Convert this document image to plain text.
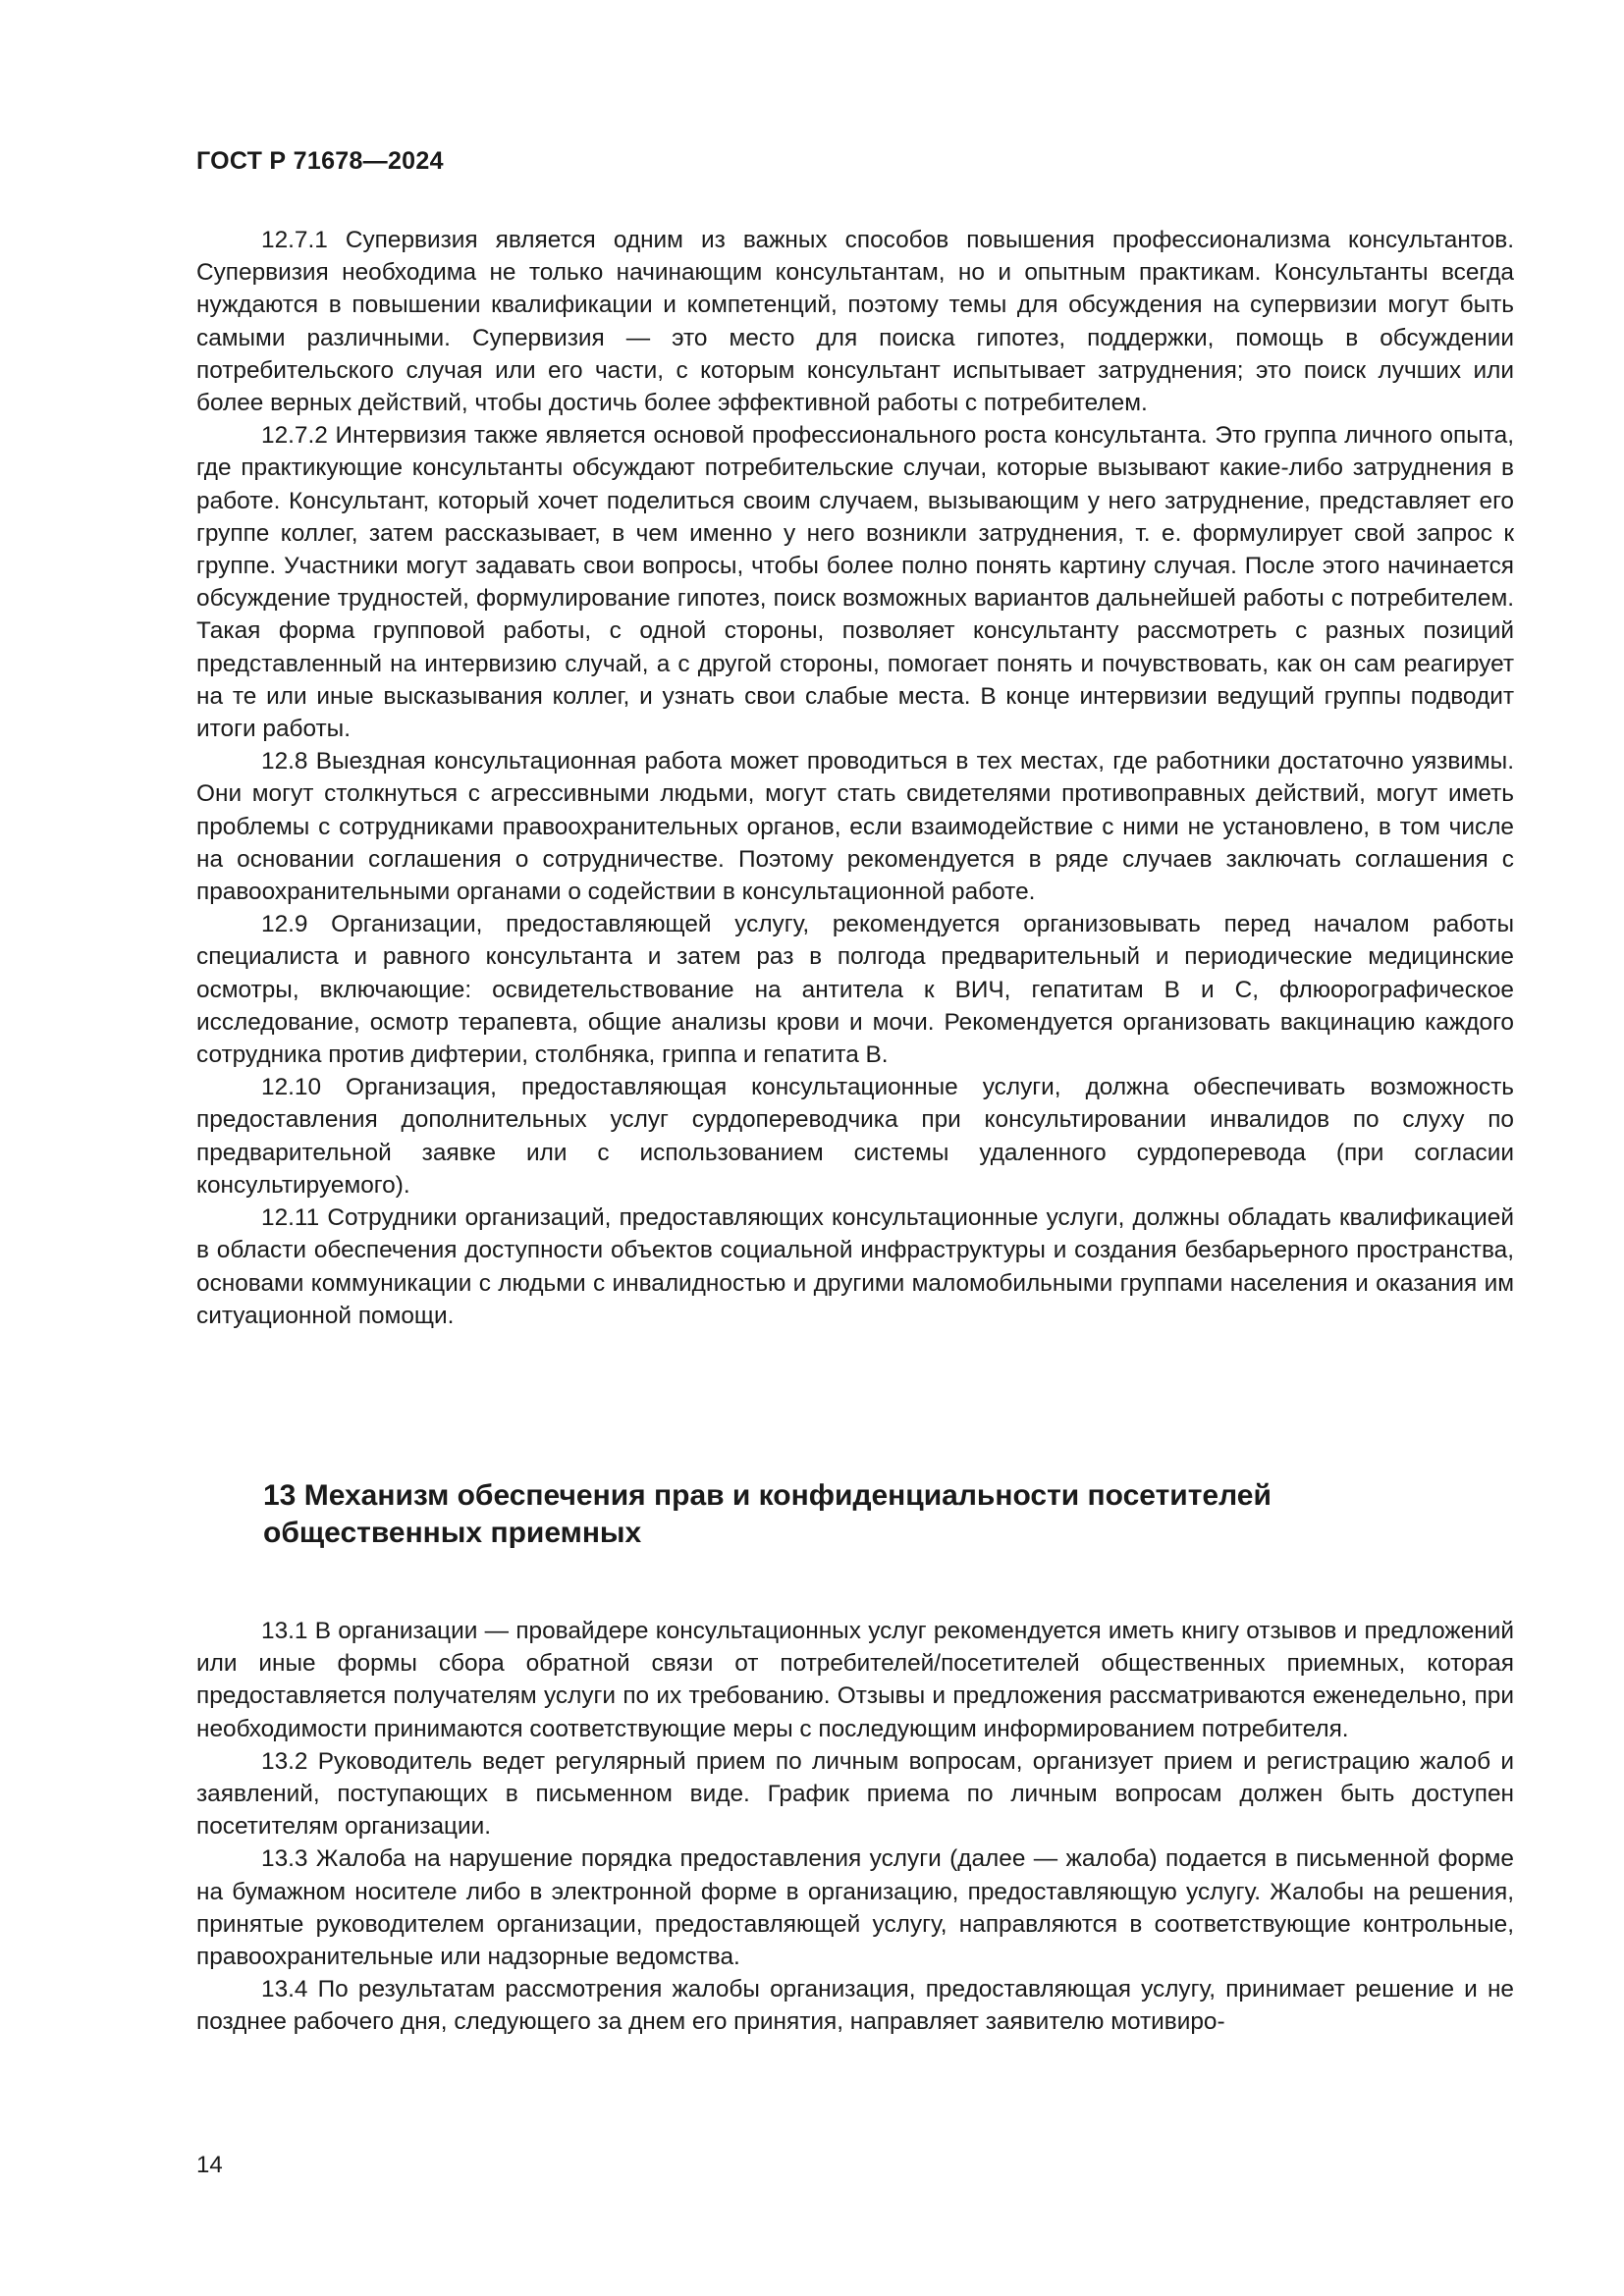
ГОСТ Р 71678—2024

12.7.1 Супервизия является одним из важных способов повышения профессионализма консультантов. Супервизия необходима не только начинающим консультантам, но и опытным практикам. Консультанты всегда нуждаются в повышении квалификации и компетенций, поэтому темы для обсуждения на супервизии могут быть самыми различными. Супервизия — это место для поиска гипотез, поддержки, помощь в обсуждении потребительского случая или его части, с которым консультант испытывает затруднения; это поиск лучших или более верных действий, чтобы достичь более эффективной работы с потребителем.

12.7.2 Интервизия также является основой профессионального роста консультанта. Это группа личного опыта, где практикующие консультанты обсуждают потребительские случаи, которые вызывают какие-либо затруднения в работе. Консультант, который хочет поделиться своим случаем, вызывающим у него затруднение, представляет его группе коллег, затем рассказывает, в чем именно у него возникли затруднения, т. е. формулирует свой запрос к группе. Участники могут задавать свои вопросы, чтобы более полно понять картину случая. После этого начинается обсуждение трудностей, формулирование гипотез, поиск возможных вариантов дальнейшей работы с потребителем. Такая форма групповой работы, с одной стороны, позволяет консультанту рассмотреть с разных позиций представленный на интервизию случай, а с другой стороны, помогает понять и почувствовать, как он сам реагирует на те или иные высказывания коллег, и узнать свои слабые места. В конце интервизии ведущий группы подводит итоги работы.

12.8 Выездная консультационная работа может проводиться в тех местах, где работники достаточно уязвимы. Они могут столкнуться с агрессивными людьми, могут стать свидетелями противоправных действий, могут иметь проблемы с сотрудниками правоохранительных органов, если взаимодействие с ними не установлено, в том числе на основании соглашения о сотрудничестве. Поэтому рекомендуется в ряде случаев заключать соглашения с правоохранительными органами о содействии в консультационной работе.

12.9 Организации, предоставляющей услугу, рекомендуется организовывать перед началом работы специалиста и равного консультанта и затем раз в полгода предварительный и периодические медицинские осмотры, включающие: освидетельствование на антитела к ВИЧ, гепатитам В и С, флюорографическое исследование, осмотр терапевта, общие анализы крови и мочи. Рекомендуется организовать вакцинацию каждого сотрудника против дифтерии, столбняка, гриппа и гепатита В.

12.10 Организация, предоставляющая консультационные услуги, должна обеспечивать возможность предоставления дополнительных услуг сурдопереводчика при консультировании инвалидов по слуху по предварительной заявке или с использованием системы удаленного сурдоперевода (при согласии консультируемого).

12.11 Сотрудники организаций, предоставляющих консультационные услуги, должны обладать квалификацией в области обеспечения доступности объектов социальной инфраструктуры и создания безбарьерного пространства, основами коммуникации с людьми с инвалидностью и другими маломобильными группами населения и оказания им ситуационной помощи.

13 Механизм обеспечения прав и конфиденциальности посетителей
общественных приемных

13.1 В организации — провайдере консультационных услуг рекомендуется иметь книгу отзывов и предложений или иные формы сбора обратной связи от потребителей/посетителей общественных приемных, которая предоставляется получателям услуги по их требованию. Отзывы и предложения рассматриваются еженедельно, при необходимости принимаются соответствующие меры с последующим информированием потребителя.

13.2 Руководитель ведет регулярный прием по личным вопросам, организует прием и регистрацию жалоб и заявлений, поступающих в письменном виде. График приема по личным вопросам должен быть доступен посетителям организации.

13.3 Жалоба на нарушение порядка предоставления услуги (далее — жалоба) подается в письменной форме на бумажном носителе либо в электронной форме в организацию, предоставляющую услугу. Жалобы на решения, принятые руководителем организации, предоставляющей услугу, направляются в соответствующие контрольные, правоохранительные или надзорные ведомства.

13.4 По результатам рассмотрения жалобы организация, предоставляющая услугу, принимает решение и не позднее рабочего дня, следующего за днем его принятия, направляет заявителю мотивиро-

14
